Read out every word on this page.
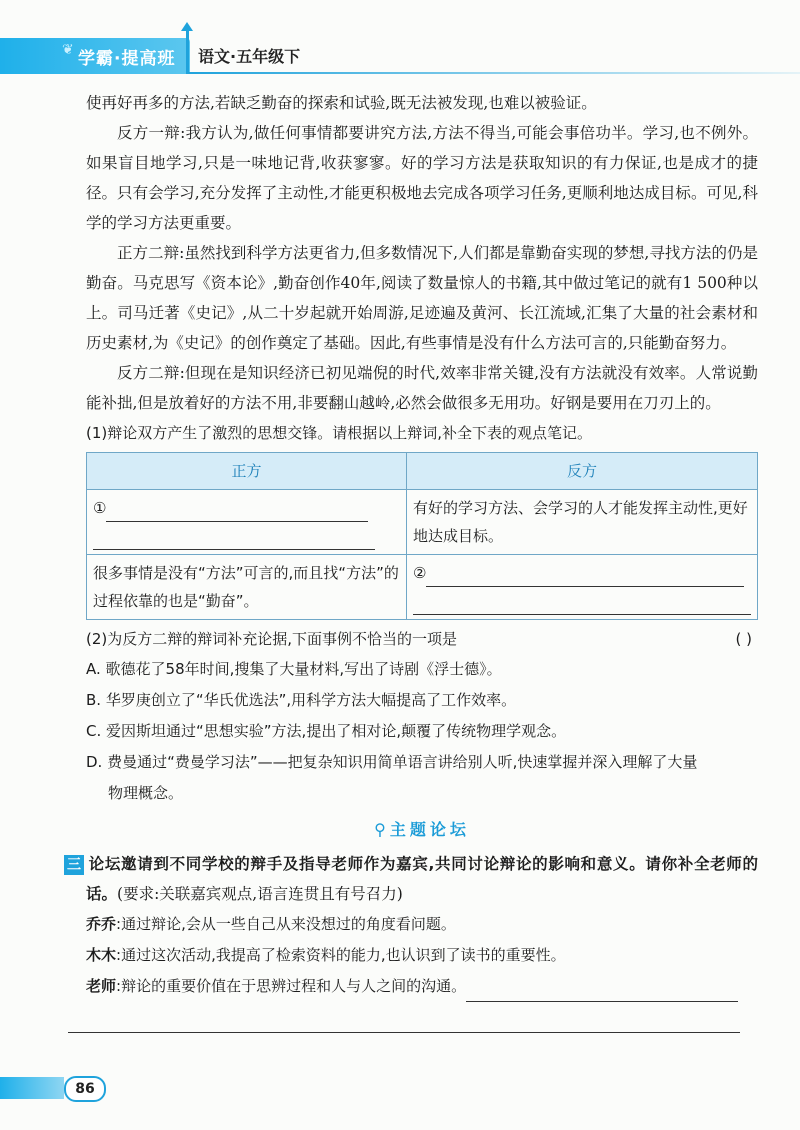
❦ 学霸·提高班 语文·五年级下

使再好再多的方法,若缺乏勤奋的探索和试验,既无法被发现,也难以被验证。

反方一辩:我方认为,做任何事情都要讲究方法,方法不得当,可能会事倍功半。学习,也不例外。如果盲目地学习,只是一味地记背,收获寥寥。好的学习方法是获取知识的有力保证,也是成才的捷径。只有会学习,充分发挥了主动性,才能更积极地去完成各项学习任务,更顺利地达成目标。可见,科学的学习方法更重要。

正方二辩:虽然找到科学方法更省力,但多数情况下,人们都是靠勤奋实现的梦想,寻找方法的仍是勤奋。马克思写《资本论》,勤奋创作40年,阅读了数量惊人的书籍,其中做过笔记的就有1 500种以上。司马迁著《史记》,从二十岁起就开始周游,足迹遍及黄河、长江流域,汇集了大量的社会素材和历史素材,为《史记》的创作奠定了基础。因此,有些事情是没有什么方法可言的,只能勤奋努力。

反方二辩:但现在是知识经济已初见端倪的时代,效率非常关键,没有方法就没有效率。人常说勤能补拙,但是放着好的方法不用,非要翻山越岭,必然会做很多无用功。好钢是要用在刀刃上的。

(1)辩论双方产生了激烈的思想交锋。请根据以上辩词,补全下表的观点笔记。

正方	反方
①	有好的学习方法、会学习的人才能发挥主动性,更好地达成目标。
很多事情是没有“方法”可言的,而且找“方法”的过程依靠的也是“勤奋”。	②

(2)为反方二辩的辩词补充论据,下面事例不恰当的一项是	( )

A. 歌德花了58年时间,搜集了大量材料,写出了诗剧《浮士德》。
B. 华罗庚创立了“华氏优选法”,用科学方法大幅提高了工作效率。
C. 爱因斯坦通过“思想实验”方法,提出了相对论,颠覆了传统物理学观念。
D. 费曼通过“费曼学习法”——把复杂知识用简单语言讲给别人听,快速掌握并深入理解了大量
物理概念。
⚲ 主题论坛

三 论坛邀请到不同学校的辩手及指导老师作为嘉宾,共同讨论辩论的影响和意义。请你补全老师的话。(要求:关联嘉宾观点,语言连贯且有号召力)

乔乔:通过辩论,会从一些自己从来没想过的角度看问题。
木木:通过这次活动,我提高了检索资料的能力,也认识到了读书的重要性。
老师:辩论的重要价值在于思辨过程和人与人之间的沟通。
86
